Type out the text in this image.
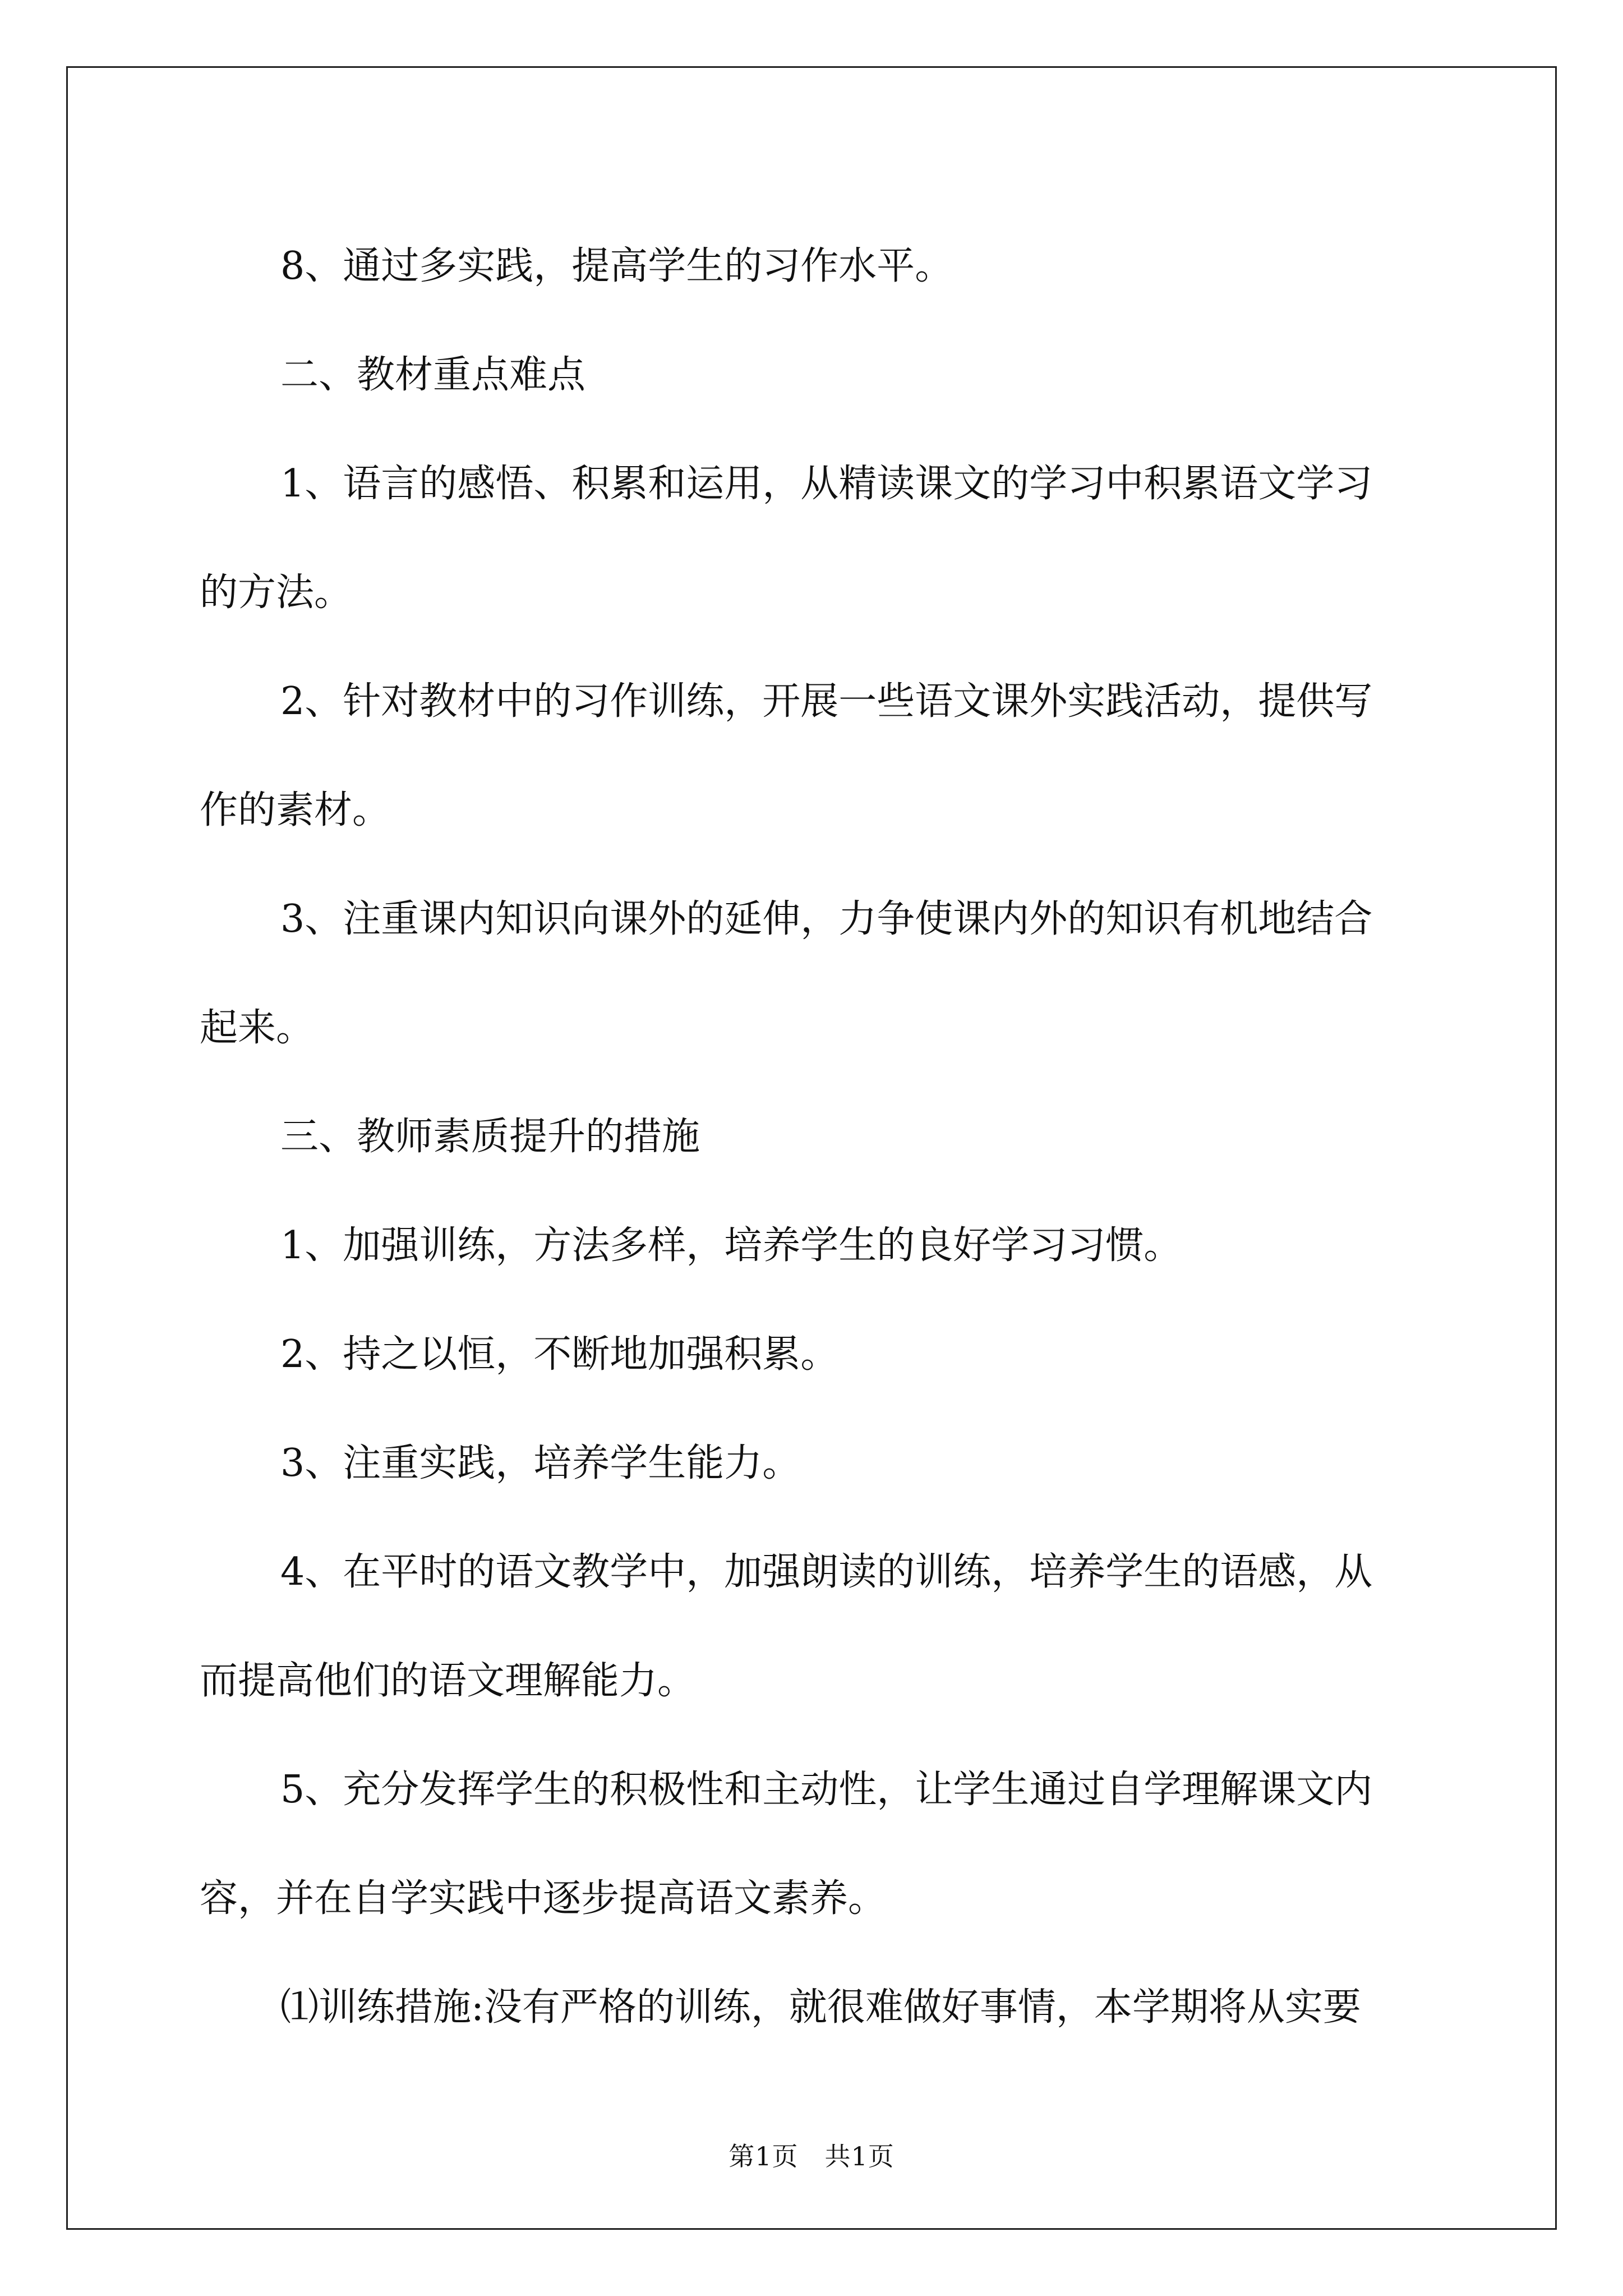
8、通过多实践，提高学生的习作水平。

二、教材重点难点

1、语言的感悟、积累和运用，从精读课文的学习中积累语文学习
的方法。

2、针对教材中的习作训练，开展一些语文课外实践活动，提供写
作的素材。

3、注重课内知识向课外的延伸，力争使课内外的知识有机地结合
起来。

三、教师素质提升的措施

1、加强训练，方法多样，培养学生的良好学习习惯。

2、持之以恒，不断地加强积累。

3、注重实践，培养学生能力。

4、在平时的语文教学中，加强朗读的训练，培养学生的语感，从
而提高他们的语文理解能力。

5、充分发挥学生的积极性和主动性，让学生通过自学理解课文内
容，并在自学实践中逐步提高语文素养。

⑴训练措施:没有严格的训练，就很难做好事情，本学期将从实要

第1页　共1页
